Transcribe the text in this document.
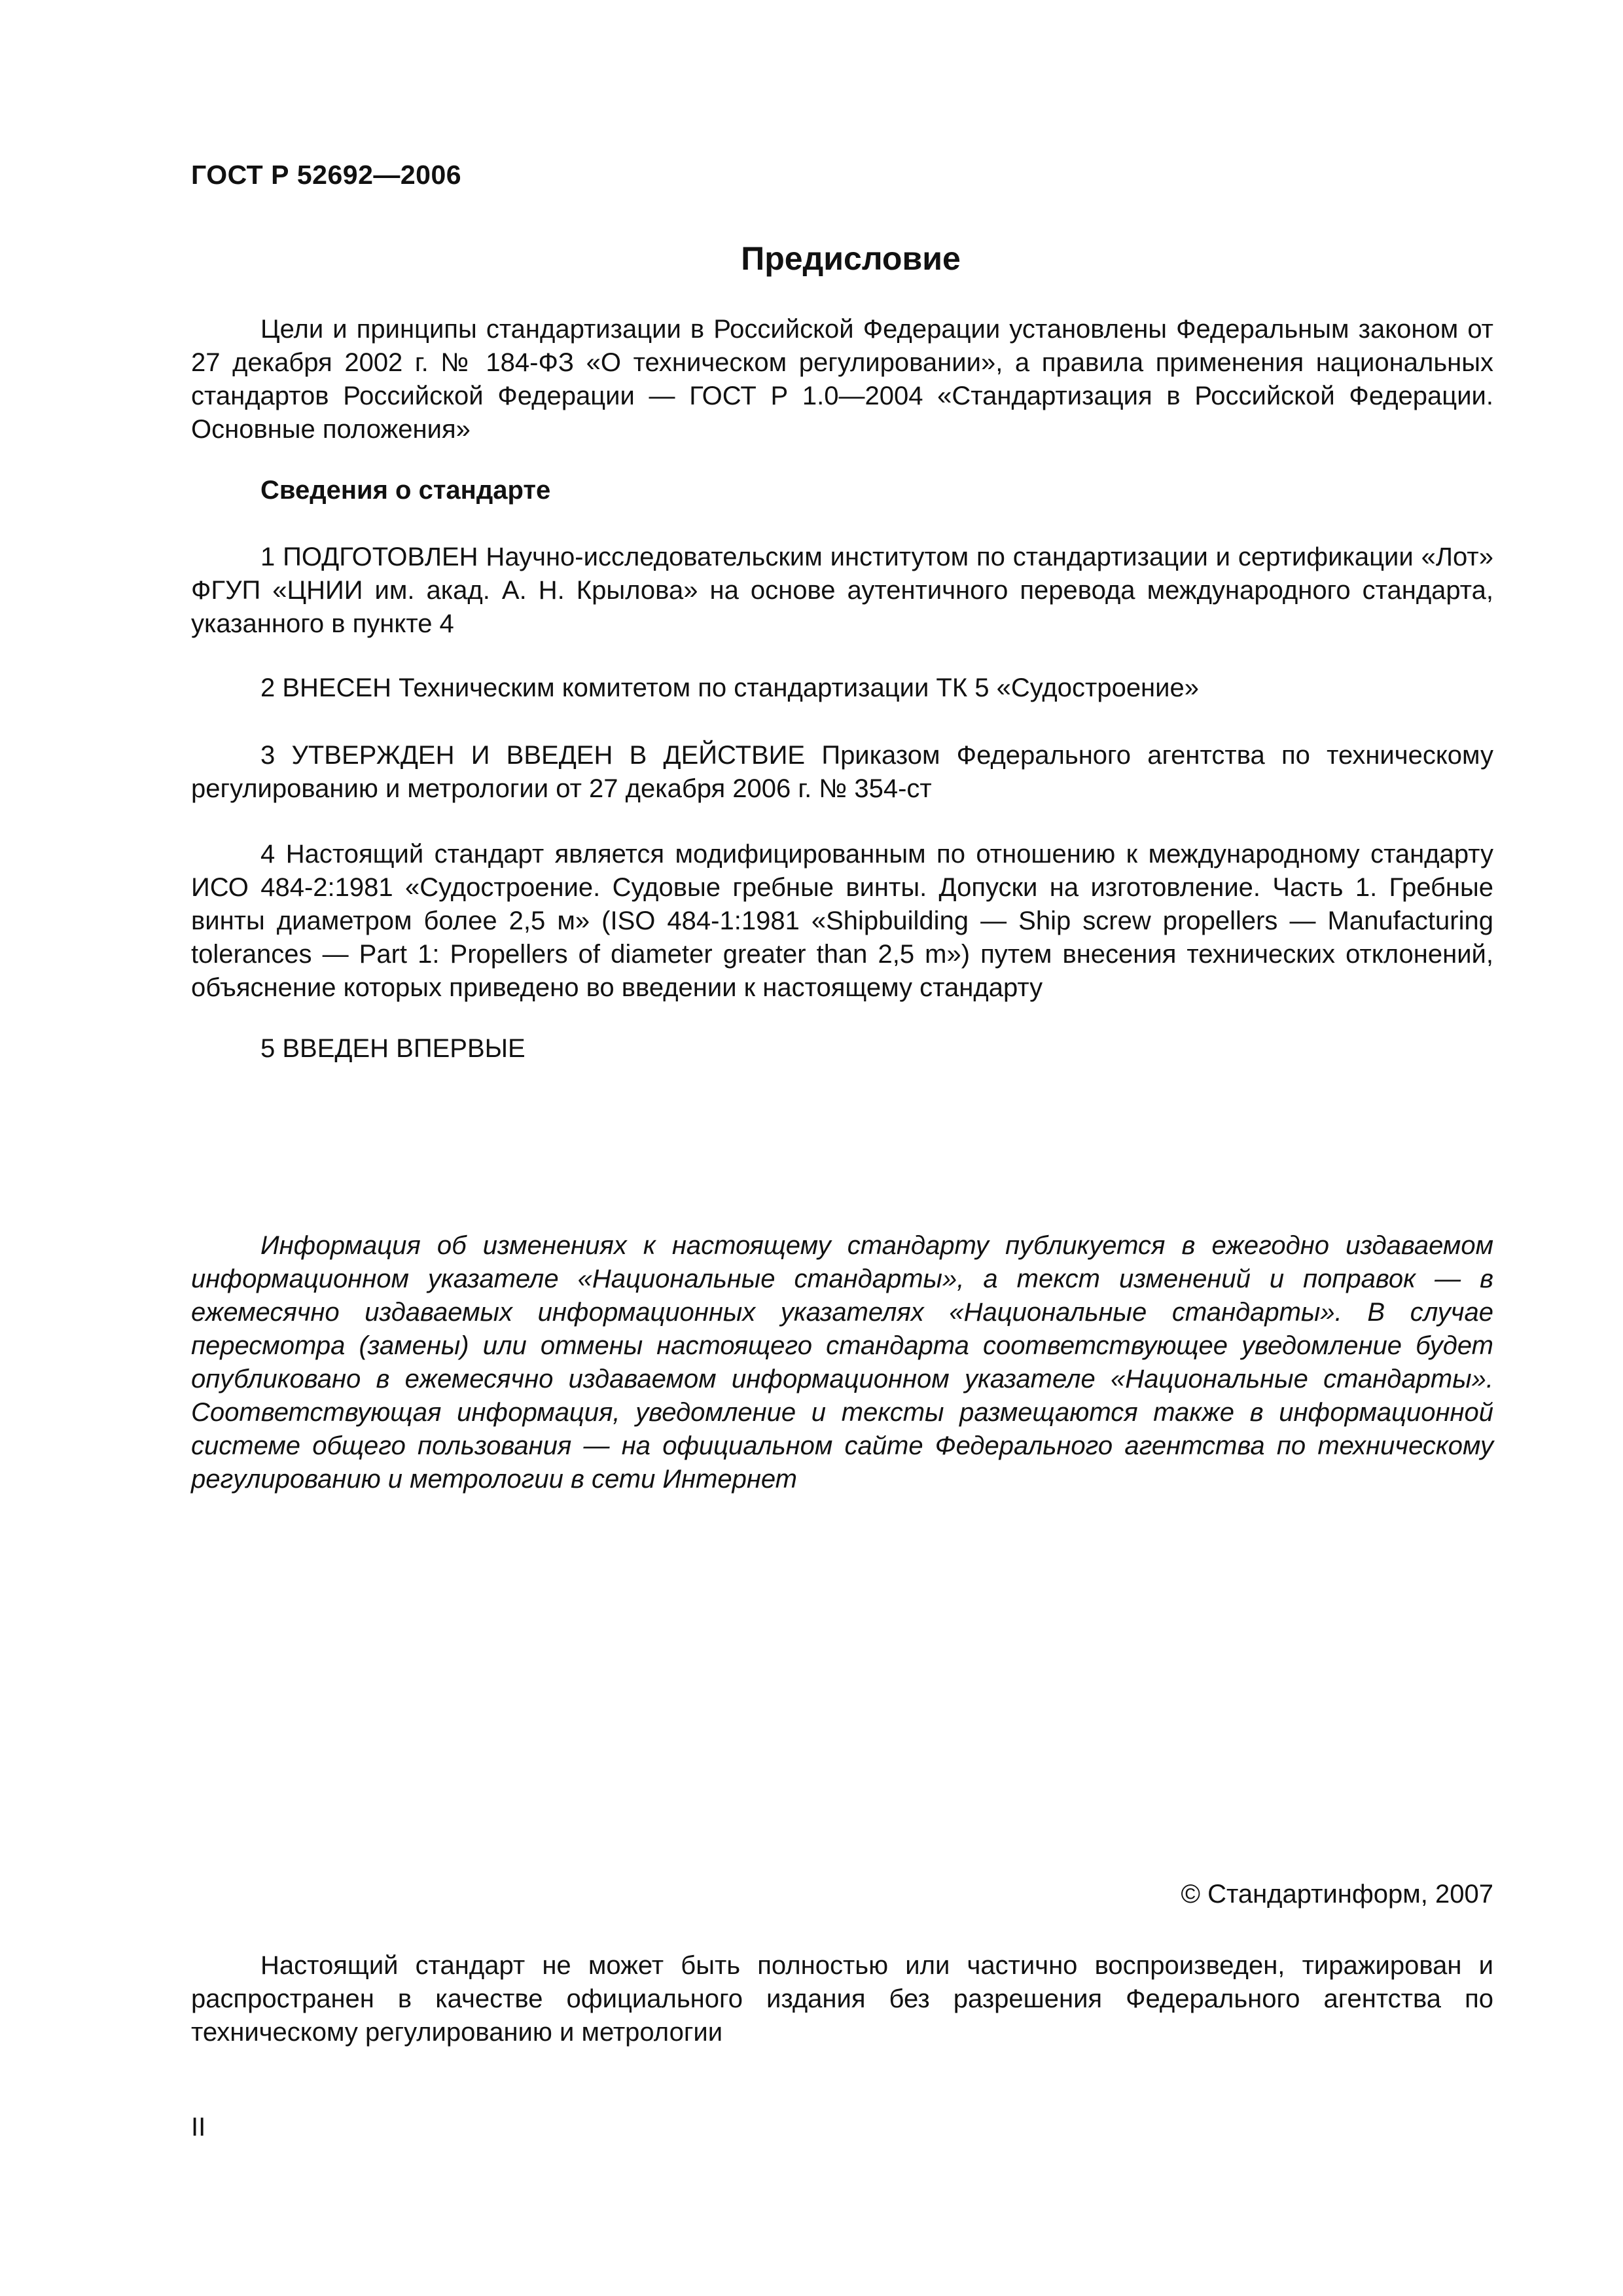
ГОСТ Р 52692—2006
Предисловие
Цели и принципы стандартизации в Российской Федерации установлены Федеральным законом от 27 декабря 2002 г. № 184-ФЗ «О техническом регулировании», а правила применения национальных стандартов Российской Федерации — ГОСТ Р 1.0—2004 «Стандартизация в Российской Федерации. Основные положения»
Сведения о стандарте
1 ПОДГОТОВЛЕН Научно-исследовательским институтом по стандартизации и сертификации «Лот» ФГУП «ЦНИИ им. акад. А. Н. Крылова» на основе аутентичного перевода международного стандарта, указанного в пункте 4
2 ВНЕСЕН Техническим комитетом по стандартизации ТК 5 «Судостроение»
3 УТВЕРЖДЕН И ВВЕДЕН В ДЕЙСТВИЕ Приказом Федерального агентства по техническому регулированию и метрологии от 27 декабря 2006 г. № 354-ст
4 Настоящий стандарт является модифицированным по отношению к международному стандарту ИСО 484-2:1981 «Судостроение. Судовые гребные винты. Допуски на изготовление. Часть 1. Гребные винты диаметром более 2,5 м» (ISO 484-1:1981 «Shipbuilding — Ship screw propellers — Manufacturing tolerances — Part 1: Propellers of diameter greater than 2,5 m») путем внесения технических отклонений, объяснение которых приведено во введении к настоящему стандарту
5 ВВЕДЕН ВПЕРВЫЕ
Информация об изменениях к настоящему стандарту публикуется в ежегодно издаваемом информационном указателе «Национальные стандарты», а текст изменений и поправок — в ежемесячно издаваемых информационных указателях «Национальные стандарты». В случае пересмотра (замены) или отмены настоящего стандарта соответствующее уведомление будет опубликовано в ежемесячно издаваемом информационном указателе «Национальные стандарты». Соответствующая информация, уведомление и тексты размещаются также в информационной системе общего пользования — на официальном сайте Федерального агентства по техническому регулированию и метрологии в сети Интернет
© Стандартинформ, 2007
Настоящий стандарт не может быть полностью или частично воспроизведен, тиражирован и распространен в качестве официального издания без разрешения Федерального агентства по техническому регулированию и метрологии
II
